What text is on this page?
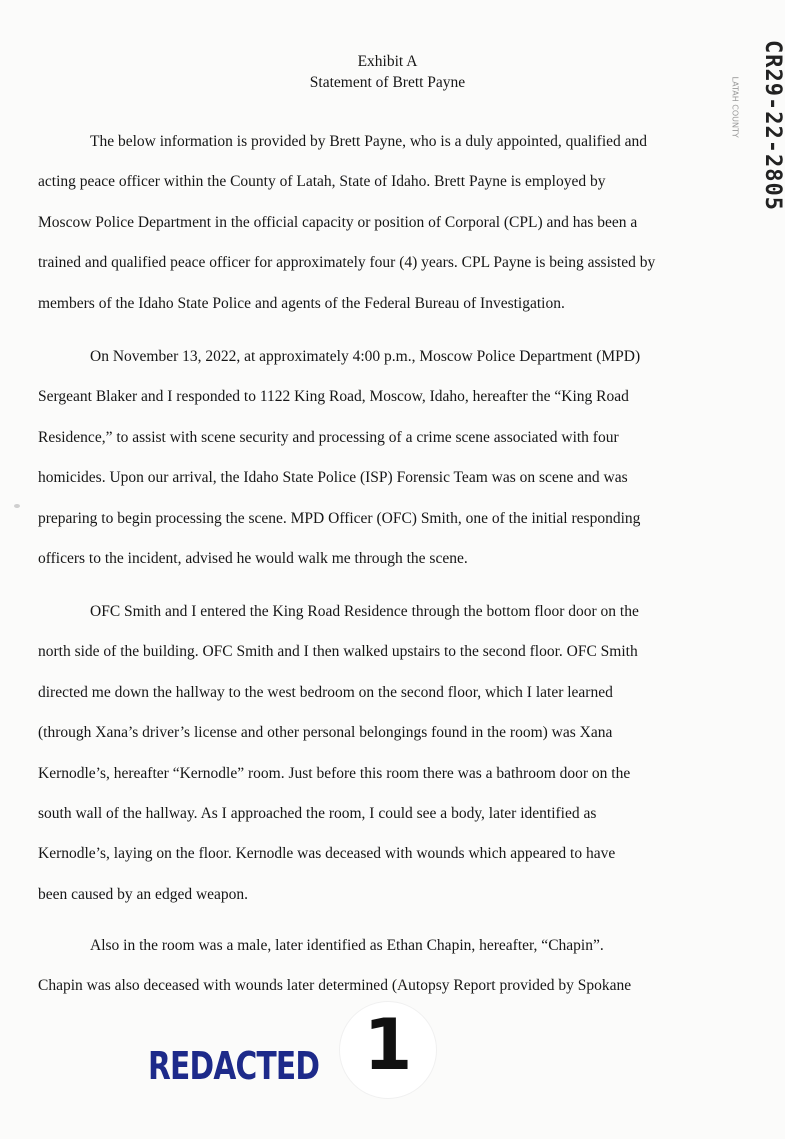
Exhibit A
Statement of Brett Payne	CR29-22-2805
LATAH COUNTY
The below information is provided by Brett Payne, who is a duly appointed, qualified and
acting peace officer within the County of Latah, State of Idaho. Brett Payne is employed by
Moscow Police Department in the official capacity or position of Corporal (CPL) and has been a
trained and qualified peace officer for approximately four (4) years. CPL Payne is being assisted by
members of the Idaho State Police and agents of the Federal Bureau of Investigation.
On November 13, 2022, at approximately 4:00 p.m., Moscow Police Department (MPD)
Sergeant Blaker and I responded to 1122 King Road, Moscow, Idaho, hereafter the “King Road
Residence,” to assist with scene security and processing of a crime scene associated with four
homicides. Upon our arrival, the Idaho State Police (ISP) Forensic Team was on scene and was
preparing to begin processing the scene. MPD Officer (OFC) Smith, one of the initial responding
officers to the incident, advised he would walk me through the scene.
OFC Smith and I entered the King Road Residence through the bottom floor door on the
north side of the building. OFC Smith and I then walked upstairs to the second floor. OFC Smith
directed me down the hallway to the west bedroom on the second floor, which I later learned
(through Xana’s driver’s license and other personal belongings found in the room) was Xana
Kernodle’s, hereafter “Kernodle” room. Just before this room there was a bathroom door on the
south wall of the hallway. As I approached the room, I could see a body, later identified as
Kernodle’s, laying on the floor. Kernodle was deceased with wounds which appeared to have
been caused by an edged weapon.
Also in the room was a male, later identified as Ethan Chapin, hereafter, “Chapin”.
Chapin was also deceased with wounds later determined (Autopsy Report provided by Spokane
REDACTED 1
